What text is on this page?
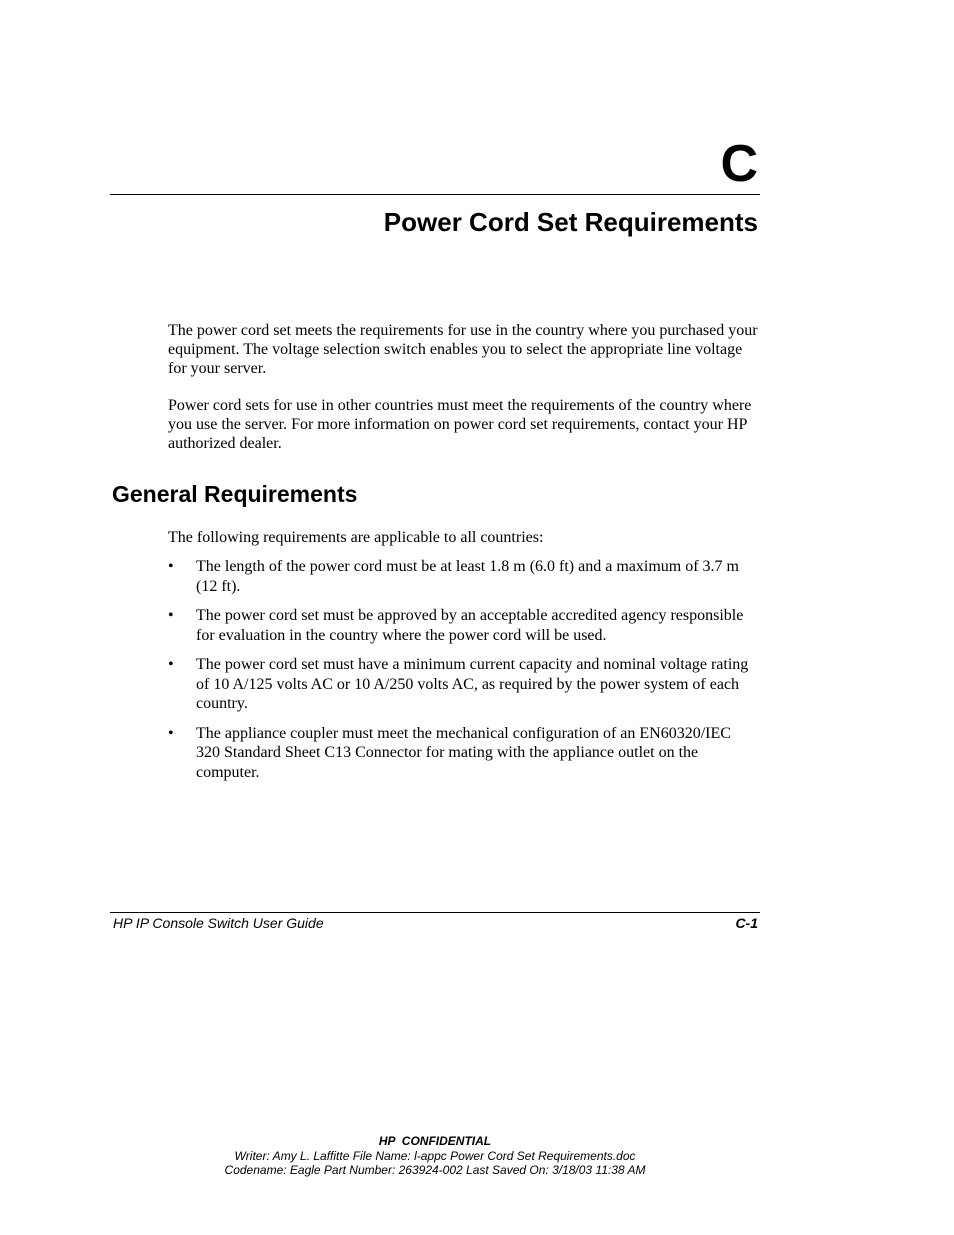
C
Power Cord Set Requirements
The power cord set meets the requirements for use in the country where you purchased your equipment. The voltage selection switch enables you to select the appropriate line voltage for your server.
Power cord sets for use in other countries must meet the requirements of the country where you use the server. For more information on power cord set requirements, contact your HP authorized dealer.
General Requirements
The following requirements are applicable to all countries:
•	The length of the power cord must be at least 1.8 m (6.0 ft) and a maximum of 3.7 m (12 ft).
•	The power cord set must be approved by an acceptable accredited agency responsible for evaluation in the country where the power cord will be used.
•	The power cord set must have a minimum current capacity and nominal voltage rating of 10 A/125 volts AC or 10 A/250 volts AC, as required by the power system of each country.
•	The appliance coupler must meet the mechanical configuration of an EN60320/IEC 320 Standard Sheet C13 Connector for mating with the appliance outlet on the computer.
HP IP Console Switch User Guide	C-1
HP  CONFIDENTIAL
Writer: Amy L. Laffitte File Name: l-appc Power Cord Set Requirements.doc
Codename: Eagle Part Number: 263924-002 Last Saved On: 3/18/03 11:38 AM
